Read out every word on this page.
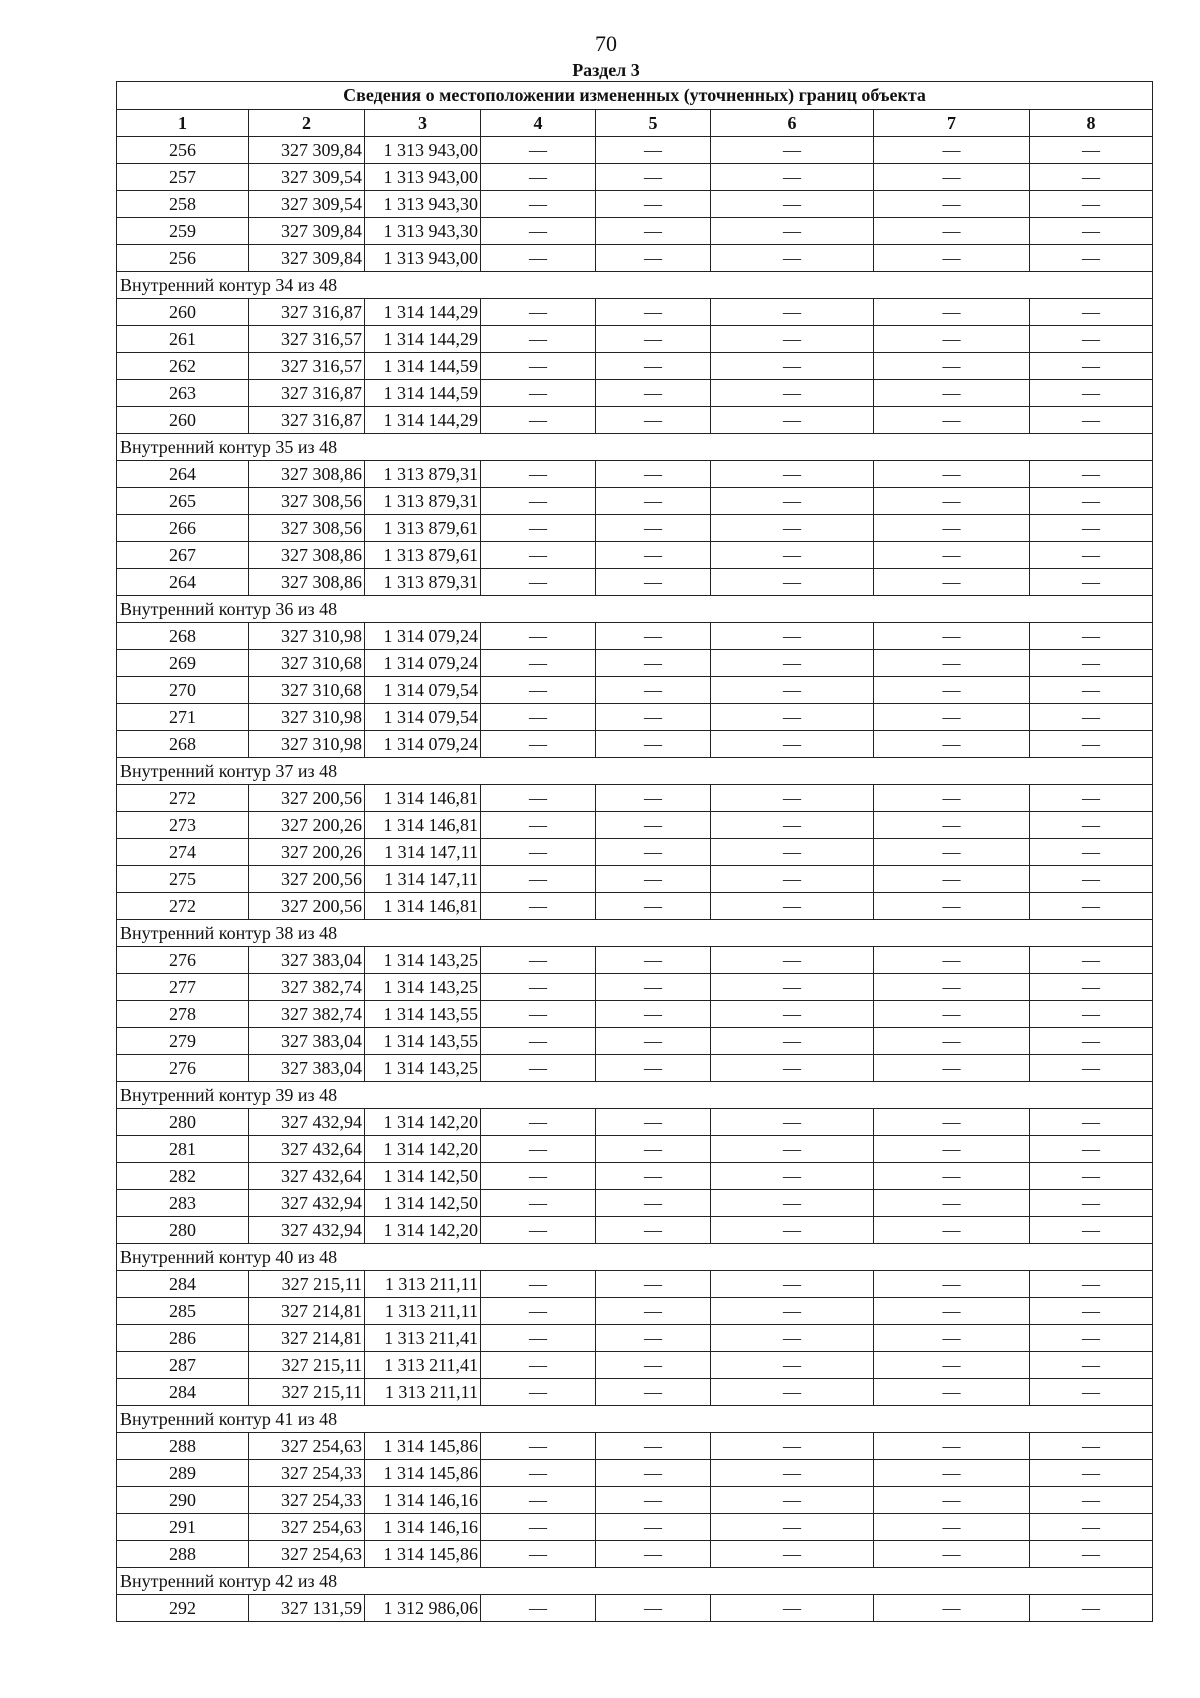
70
Раздел 3
Сведения о местоположении измененных (уточненных) границ объекта							
1	2	3	4	5	6	7	8
256	327 309,84	1 313 943,00	—	—	—	—	—
257	327 309,54	1 313 943,00	—	—	—	—	—
258	327 309,54	1 313 943,30	—	—	—	—	—
259	327 309,84	1 313 943,30	—	—	—	—	—
256	327 309,84	1 313 943,00	—	—	—	—	—
Внутренний контур 34 из 48							
260	327 316,87	1 314 144,29	—	—	—	—	—
261	327 316,57	1 314 144,29	—	—	—	—	—
262	327 316,57	1 314 144,59	—	—	—	—	—
263	327 316,87	1 314 144,59	—	—	—	—	—
260	327 316,87	1 314 144,29	—	—	—	—	—
Внутренний контур 35 из 48							
264	327 308,86	1 313 879,31	—	—	—	—	—
265	327 308,56	1 313 879,31	—	—	—	—	—
266	327 308,56	1 313 879,61	—	—	—	—	—
267	327 308,86	1 313 879,61	—	—	—	—	—
264	327 308,86	1 313 879,31	—	—	—	—	—
Внутренний контур 36 из 48							
268	327 310,98	1 314 079,24	—	—	—	—	—
269	327 310,68	1 314 079,24	—	—	—	—	—
270	327 310,68	1 314 079,54	—	—	—	—	—
271	327 310,98	1 314 079,54	—	—	—	—	—
268	327 310,98	1 314 079,24	—	—	—	—	—
Внутренний контур 37 из 48							
272	327 200,56	1 314 146,81	—	—	—	—	—
273	327 200,26	1 314 146,81	—	—	—	—	—
274	327 200,26	1 314 147,11	—	—	—	—	—
275	327 200,56	1 314 147,11	—	—	—	—	—
272	327 200,56	1 314 146,81	—	—	—	—	—
Внутренний контур 38 из 48							
276	327 383,04	1 314 143,25	—	—	—	—	—
277	327 382,74	1 314 143,25	—	—	—	—	—
278	327 382,74	1 314 143,55	—	—	—	—	—
279	327 383,04	1 314 143,55	—	—	—	—	—
276	327 383,04	1 314 143,25	—	—	—	—	—
Внутренний контур 39 из 48							
280	327 432,94	1 314 142,20	—	—	—	—	—
281	327 432,64	1 314 142,20	—	—	—	—	—
282	327 432,64	1 314 142,50	—	—	—	—	—
283	327 432,94	1 314 142,50	—	—	—	—	—
280	327 432,94	1 314 142,20	—	—	—	—	—
Внутренний контур 40 из 48							
284	327 215,11	1 313 211,11	—	—	—	—	—
285	327 214,81	1 313 211,11	—	—	—	—	—
286	327 214,81	1 313 211,41	—	—	—	—	—
287	327 215,11	1 313 211,41	—	—	—	—	—
284	327 215,11	1 313 211,11	—	—	—	—	—
Внутренний контур 41 из 48							
288	327 254,63	1 314 145,86	—	—	—	—	—
289	327 254,33	1 314 145,86	—	—	—	—	—
290	327 254,33	1 314 146,16	—	—	—	—	—
291	327 254,63	1 314 146,16	—	—	—	—	—
288	327 254,63	1 314 145,86	—	—	—	—	—
Внутренний контур 42 из 48							
292	327 131,59	1 312 986,06	—	—	—	—	—
